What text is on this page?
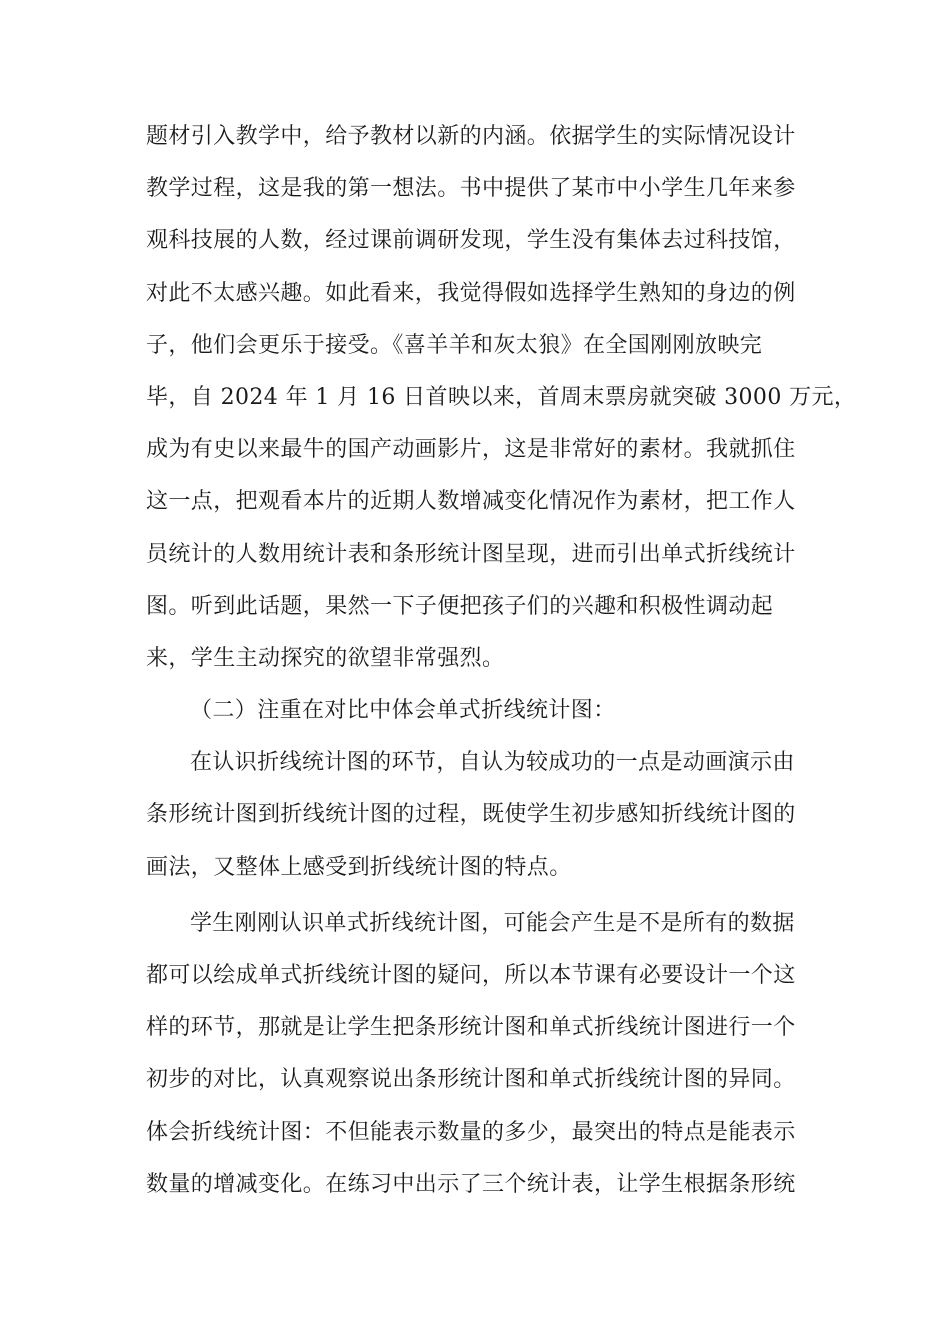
题材引入教学中，给予教材以新的内涵。依据学生的实际情况设计
教学过程，这是我的第一想法。书中提供了某市中小学生几年来参
观科技展的人数，经过课前调研发现，学生没有集体去过科技馆，
对此不太感兴趣。如此看来，我觉得假如选择学生熟知的身边的例
子，他们会更乐于接受。《喜羊羊和灰太狼》在全国刚刚放映完
毕，自 2024 年 1 月 16 日首映以来，首周末票房就突破 3000 万元，
成为有史以来最牛的国产动画影片，这是非常好的素材。我就抓住
这一点，把观看本片的近期人数增减变化情况作为素材，把工作人
员统计的人数用统计表和条形统计图呈现，进而引出单式折线统计
图。听到此话题，果然一下子便把孩子们的兴趣和积极性调动起
来，学生主动探究的欲望非常强烈。
（二）注重在对比中体会单式折线统计图：
在认识折线统计图的环节，自认为较成功的一点是动画演示由
条形统计图到折线统计图的过程，既使学生初步感知折线统计图的
画法，又整体上感受到折线统计图的特点。
学生刚刚认识单式折线统计图，可能会产生是不是所有的数据
都可以绘成单式折线统计图的疑问，所以本节课有必要设计一个这
样的环节，那就是让学生把条形统计图和单式折线统计图进行一个
初步的对比，认真观察说出条形统计图和单式折线统计图的异同。
体会折线统计图：不但能表示数量的多少，最突出的特点是能表示
数量的增减变化。在练习中出示了三个统计表，让学生根据条形统
